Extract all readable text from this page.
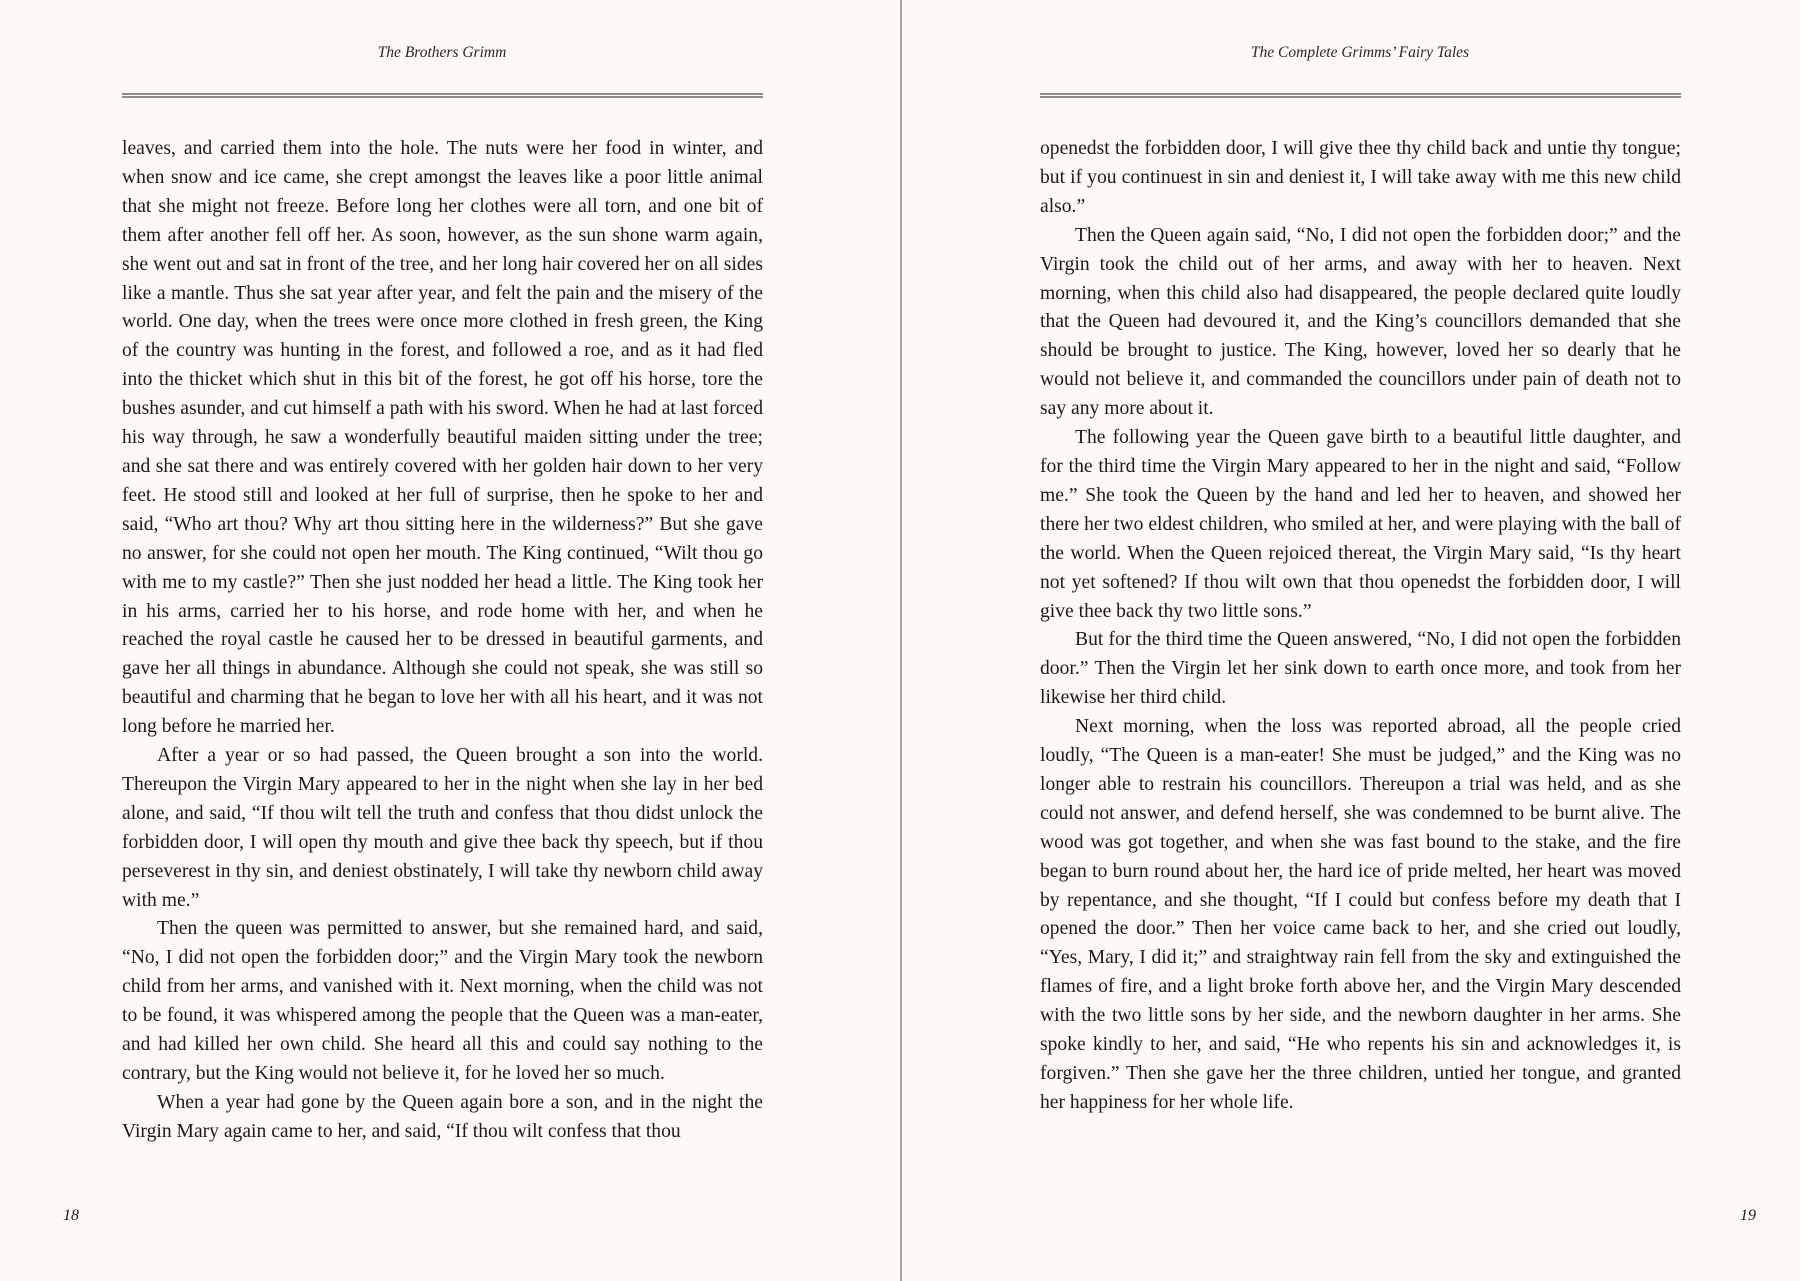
The Brothers Grimm

leaves, and carried them into the hole. The nuts were her food in winter, and when snow and ice came, she crept amongst the leaves like a poor little animal that she might not freeze. Before long her clothes were all torn, and one bit of them after another fell off her. As soon, however, as the sun shone warm again, she went out and sat in front of the tree, and her long hair covered her on all sides like a mantle. Thus she sat year after year, and felt the pain and the misery of the world. One day, when the trees were once more clothed in fresh green, the King of the country was hunting in the forest, and followed a roe, and as it had fled into the thicket which shut in this bit of the forest, he got off his horse, tore the bushes asunder, and cut himself a path with his sword. When he had at last forced his way through, he saw a wonderfully beautiful maiden sitting under the tree; and she sat there and was entirely covered with her golden hair down to her very feet. He stood still and looked at her full of surprise, then he spoke to her and said, “Who art thou? Why art thou sitting here in the wilderness?” But she gave no answer, for she could not open her mouth. The King continued, “Wilt thou go with me to my castle?” Then she just nodded her head a little. The King took her in his arms, carried her to his horse, and rode home with her, and when he reached the royal castle he caused her to be dressed in beautiful garments, and gave her all things in abundance. Although she could not speak, she was still so beautiful and charming that he began to love her with all his heart, and it was not long before he married her.

After a year or so had passed, the Queen brought a son into the world. Thereupon the Virgin Mary appeared to her in the night when she lay in her bed alone, and said, “If thou wilt tell the truth and confess that thou didst unlock the forbidden door, I will open thy mouth and give thee back thy speech, but if thou perseverest in thy sin, and deniest obstinately, I will take thy newborn child away with me.”

Then the queen was permitted to answer, but she remained hard, and said, “No, I did not open the forbidden door;” and the Virgin Mary took the newborn child from her arms, and vanished with it. Next morning, when the child was not to be found, it was whispered among the people that the Queen was a man-eater, and had killed her own child. She heard all this and could say nothing to the contrary, but the King would not believe it, for he loved her so much.

When a year had gone by the Queen again bore a son, and in the night the Virgin Mary again came to her, and said, “If thou wilt confess that thou

18
The Complete Grimms’ Fairy Tales

openedst the forbidden door, I will give thee thy child back and untie thy tongue; but if you continuest in sin and deniest it, I will take away with me this new child also.”

Then the Queen again said, “No, I did not open the forbidden door;” and the Virgin took the child out of her arms, and away with her to heaven. Next morning, when this child also had disappeared, the people declared quite loudly that the Queen had devoured it, and the King’s councillors demanded that she should be brought to justice. The King, however, loved her so dearly that he would not believe it, and commanded the councillors under pain of death not to say any more about it.

The following year the Queen gave birth to a beautiful little daughter, and for the third time the Virgin Mary appeared to her in the night and said, “Follow me.” She took the Queen by the hand and led her to heaven, and showed her there her two eldest children, who smiled at her, and were playing with the ball of the world. When the Queen rejoiced thereat, the Virgin Mary said, “Is thy heart not yet softened? If thou wilt own that thou openedst the forbidden door, I will give thee back thy two little sons.”

But for the third time the Queen answered, “No, I did not open the forbidden door.” Then the Virgin let her sink down to earth once more, and took from her likewise her third child.

Next morning, when the loss was reported abroad, all the people cried loudly, “The Queen is a man-eater! She must be judged,” and the King was no longer able to restrain his councillors. Thereupon a trial was held, and as she could not answer, and defend herself, she was condemned to be burnt alive. The wood was got together, and when she was fast bound to the stake, and the fire began to burn round about her, the hard ice of pride melted, her heart was moved by repentance, and she thought, “If I could but confess before my death that I opened the door.” Then her voice came back to her, and she cried out loudly, “Yes, Mary, I did it;” and straightway rain fell from the sky and extinguished the flames of fire, and a light broke forth above her, and the Virgin Mary descended with the two little sons by her side, and the newborn daughter in her arms. She spoke kindly to her, and said, “He who repents his sin and acknowledges it, is forgiven.” Then she gave her the three children, untied her tongue, and granted her happiness for her whole life.

19
